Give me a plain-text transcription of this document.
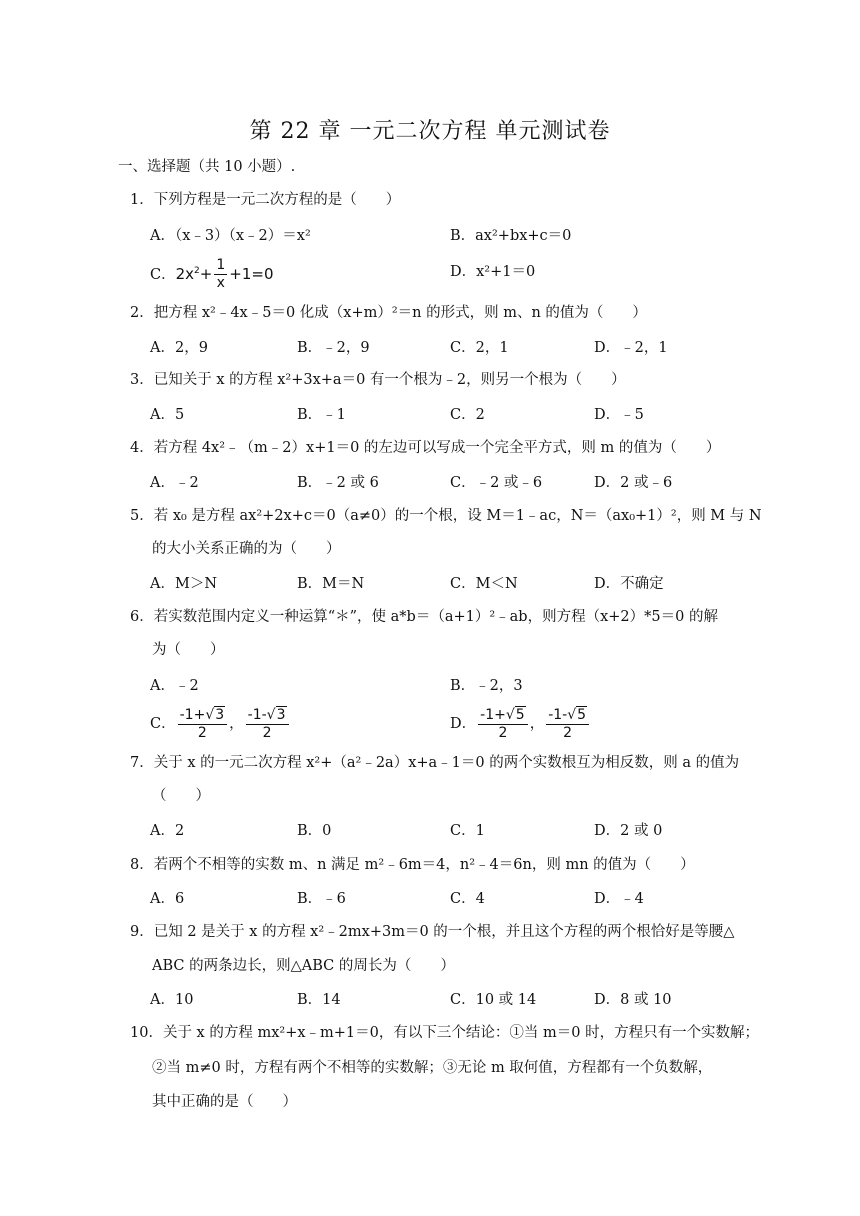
第 22 章 一元二次方程 单元测试卷
一、选择题（共 10 小题）.
1．下列方程是一元二次方程的是（　　）
A．（x﹣3）（x﹣2）＝x²	B．ax²+bx+c＝0
C．$2x^2+ \frac{1}{x} +1=0$	D．x²+1＝0
2．把方程 x²﹣4x﹣5＝0 化成（x+m）²＝n 的形式，则 m、n 的值为（　　）
A．2，9	B．﹣2，9	C．2，1	D．﹣2，1
3．已知关于 x 的方程 x²+3x+a＝0 有一个根为﹣2，则另一个根为（　　）
A．5	B．﹣1	C．2	D．﹣5
4．若方程 4x²﹣（m﹣2）x+1＝0 的左边可以写成一个完全平方式，则 m 的值为（　　）
A．﹣2	B．﹣2 或 6	C．﹣2 或﹣6	D．2 或﹣6
5．若 x₀ 是方程 ax²+2x+c＝0（a≠0）的一个根，设 M＝1﹣ac，N＝（ax₀+1）²，则 M 与 N
的大小关系正确的为（　　）
A．M＞N	B．M＝N	C．M＜N	D．不确定
6．若实数范围内定义一种运算“＊”，使 a*b＝（a+1）²﹣ab，则方程（x+2）*5＝0 的解
为（　　）
A．﹣2	B．﹣2，3
C． $\frac{-1+√3}{2}$ ， $\frac{-1-√3}{2}$	D． $\frac{-1+√5}{2}$ ， $\frac{-1-√5}{2}$
7．关于 x 的一元二次方程 x²+（a²﹣2a）x+a﹣1＝0 的两个实数根互为相反数，则 a 的值为
（　　）
A．2	B．0	C．1	D．2 或 0
8．若两个不相等的实数 m、n 满足 m²﹣6m＝4，n²﹣4＝6n，则 mn 的值为（　　）
A．6	B．﹣6	C．4	D．﹣4
9．已知 2 是关于 x 的方程 x²﹣2mx+3m＝0 的一个根，并且这个方程的两个根恰好是等腰△
ABC 的两条边长，则△ABC 的周长为（　　）
A．10	B．14	C．10 或 14	D．8 或 10
10．关于 x 的方程 mx²+x﹣m+1＝0，有以下三个结论：①当 m＝0 时，方程只有一个实数解；
②当 m≠0 时，方程有两个不相等的实数解；③无论 m 取何值，方程都有一个负数解，
其中正确的是（　　）
